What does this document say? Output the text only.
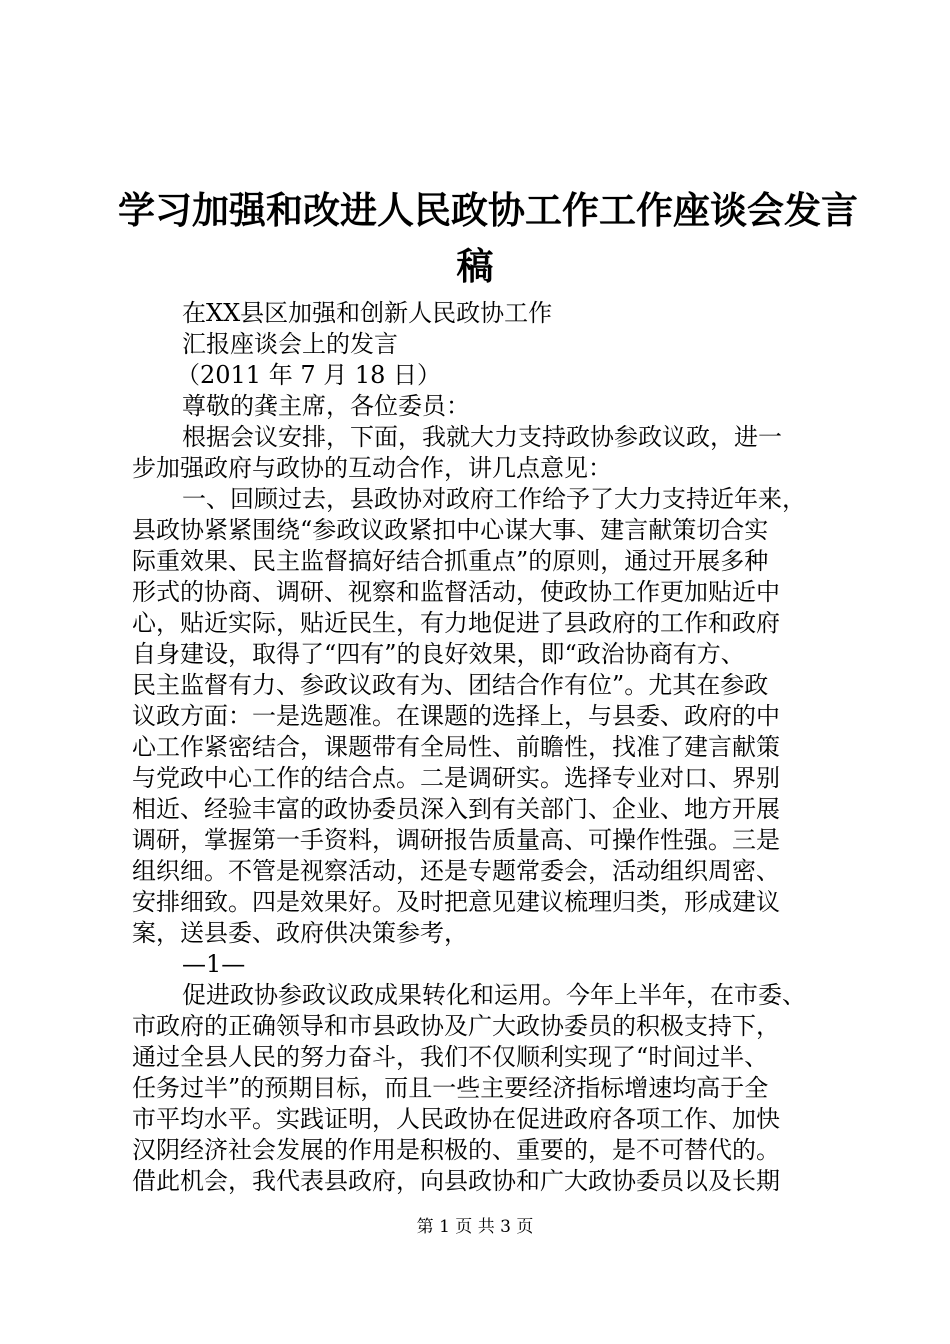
学习加强和改进人民政协工作工作座谈会发言
稿
在XX县区加强和创新人民政协工作
汇报座谈会上的发言
（2011 年 7 月 18 日）
尊敬的龚主席，各位委员：
根据会议安排，下面，我就大力支持政协参政议政，进一
步加强政府与政协的互动合作，讲几点意见：
一、回顾过去，县政协对政府工作给予了大力支持近年来，
县政协紧紧围绕“参政议政紧扣中心谋大事、建言献策切合实
际重效果、民主监督搞好结合抓重点”的原则，通过开展多种
形式的协商、调研、视察和监督活动，使政协工作更加贴近中
心，贴近实际，贴近民生，有力地促进了县政府的工作和政府
自身建设，取得了“四有”的良好效果，即“政治协商有方、
民主监督有力、参政议政有为、团结合作有位”。尤其在参政
议政方面：一是选题准。在课题的选择上，与县委、政府的中
心工作紧密结合，课题带有全局性、前瞻性，找准了建言献策
与党政中心工作的结合点。二是调研实。选择专业对口、界别
相近、经验丰富的政协委员深入到有关部门、企业、地方开展
调研，掌握第一手资料，调研报告质量高、可操作性强。三是
组织细。不管是视察活动，还是专题常委会，活动组织周密、
安排细致。四是效果好。及时把意见建议梳理归类，形成建议
案，送县委、政府供决策参考，
—1—
促进政协参政议政成果转化和运用。今年上半年，在市委、
市政府的正确领导和市县政协及广大政协委员的积极支持下，
通过全县人民的努力奋斗，我们不仅顺利实现了“时间过半、
任务过半”的预期目标，而且一些主要经济指标增速均高于全
市平均水平。实践证明，人民政协在促进政府各项工作、加快
汉阴经济社会发展的作用是积极的、重要的，是不可替代的。
借此机会，我代表县政府，向县政协和广大政协委员以及长期
第 1 页 共 3 页
